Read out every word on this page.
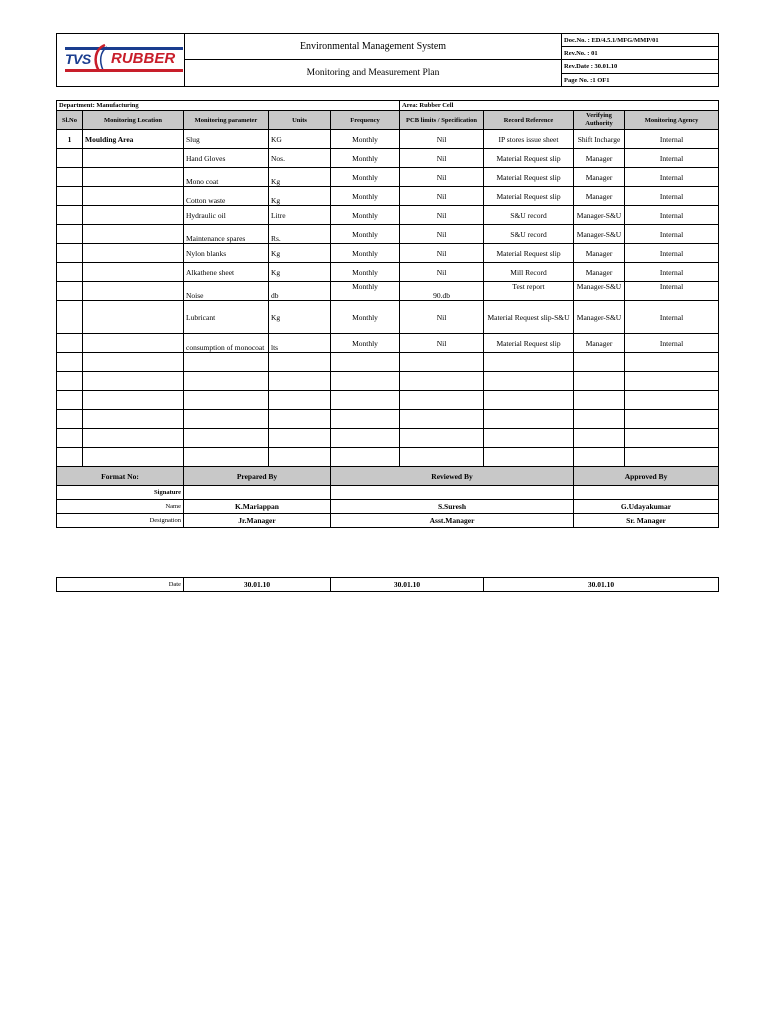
TVS RUBBER	Environmental Management System	Doc.No. : ED/4.5.1/MFG/MMP/01
		Rev.No. : 01
	Monitoring and Measurement Plan	Rev.Date : 30.01.10
		Page No. :1 OF1
Department: Manufacturing					Area: Rubber Cell			
Sl.No	Monitoring Location	Monitoring parameter	Units	Frequency	PCB limits / Specification	Record Reference	Verifying Authority	Monitoring Agency
1	Moulding Area	Slug	KG	Monthly	Nil	IP stores issue sheet	Shift Incharge	Internal
		Hand Gloves	Nos.	Monthly	Nil	Material Request slip	Manager	Internal
		Mono coat	Kg	Monthly	Nil	Material Request slip	Manager	Internal
		Cotton waste	Kg	Monthly	Nil	Material Request slip	Manager	Internal
		Hydraulic oil	Litre	Monthly	Nil	S&U record	Manager-S&U	Internal
		Maintenance spares	Rs.	Monthly	Nil	S&U record	Manager-S&U	Internal
		Nylon blanks	Kg	Monthly	Nil	Material Request slip	Manager	Internal
		Alkathene sheet	Kg	Monthly	Nil	Mill Record	Manager	Internal
		Noise	db	Monthly	90.db	Test report	Manager-S&U	Internal
		Lubricant	Kg	Monthly	Nil	Material Request slip-S&U	Manager-S&U	Internal
		consumption of monocoat	lts	Monthly	Nil	Material Request slip	Manager	Internal

Format No:		Prepared By		Reviewed By			Approved By	
Signature								
Name		K.Mariappan		S.Suresh			G.Udayakumar	
Designation		Jr.Manager		Asst.Manager			Sr. Manager	
Date	30.01.10	30.01.10	30.01.10
